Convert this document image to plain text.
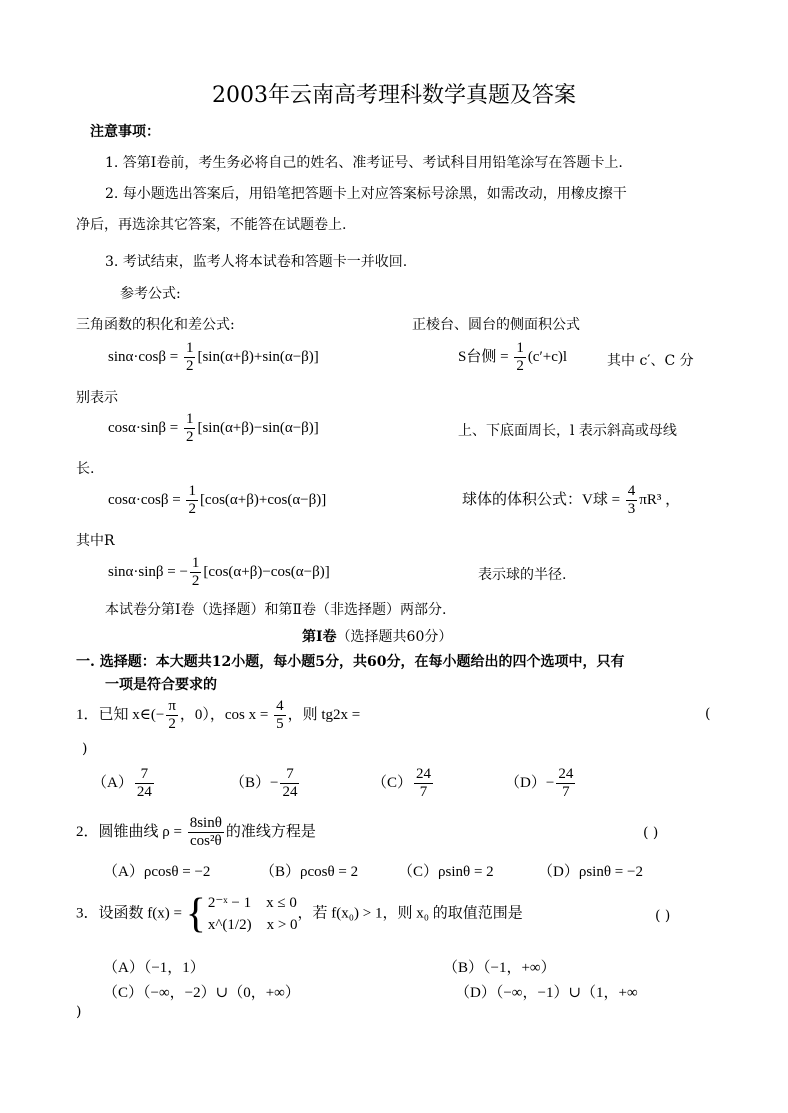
2003年云南高考理科数学真题及答案
注意事项：
1. 答第Ⅰ卷前，考生务必将自己的姓名、准考证号、考试科目用铅笔涂写在答题卡上.
2. 每小题选出答案后，用铅笔把答题卡上对应答案标号涂黑，如需改动，用橡皮擦干
净后，再选涂其它答案，不能答在试题卷上.
3. 考试结束，监考人将本试卷和答题卡一并收回.
参考公式:
三角函数的积化和差公式:	正棱台、圆台的侧面积公式
$\sin\alpha\cdot\cos\beta = \frac{1}{2} [\sin(\alpha+\beta)+\sin(\alpha-\beta)]$	S台侧 = $\frac{1}{2} (c'+c)l$	其中 c′、C 分
别表示
$\cos\alpha\cdot\sin\beta = \frac{1}{2} [\sin(\alpha+\beta)-\sin(\alpha-\beta)]$	上、下底面周长，l 表示斜高或母线
长.
$\cos\alpha\cdot\cos\beta = \frac{1}{2} [\cos(\alpha+\beta)+\cos(\alpha-\beta)]$	球体的体积公式：V球 = $\frac{4}{3} \pi R^3$ ，
其中R
sinα·sinβ = − $\frac{1}{2} [\cos(\alpha+\beta)-\cos(\alpha-\beta)]$	表示球的半径.
本试卷分第Ⅰ卷（选择题）和第Ⅱ卷（非选择题）两部分.
第Ⅰ卷（选择题共60分）
一. 选择题：本大题共12小题，每小题5分，共60分，在每小题给出的四个选项中，只有
一项是符合要求的
1．已知 x∈(− $\frac{\pi}{2}$ ，0），$\cos x = \frac{4}{5}$ ，则 tg2x =	(
)
$(A) \frac{7}{24}$	$(B)- \frac{7}{24}$	$(C) \frac{24}{7}$	$(D)- \frac{24}{7}$
2．圆锥曲线 $\rho = \frac{8\sin\theta}{\text{cos²θ}}$ 的准线方程是	( )
（A）ρcosθ = −2	（B）ρcosθ = 2	（C）ρsinθ = 2	（D）ρsinθ = −2
3．设函数 f(x) = { 2⁻ˣ − 1 x ≤ 0
x^(1/2) x > 0
，若 f(x₀) > 1，则 x₀ 的取值范围是	( )
（A）（−1，1）	（B）（−1，+∞）
（C）（−∞，−2）∪（0，+∞）	（D）（−∞，−1）∪（1，+∞
)
